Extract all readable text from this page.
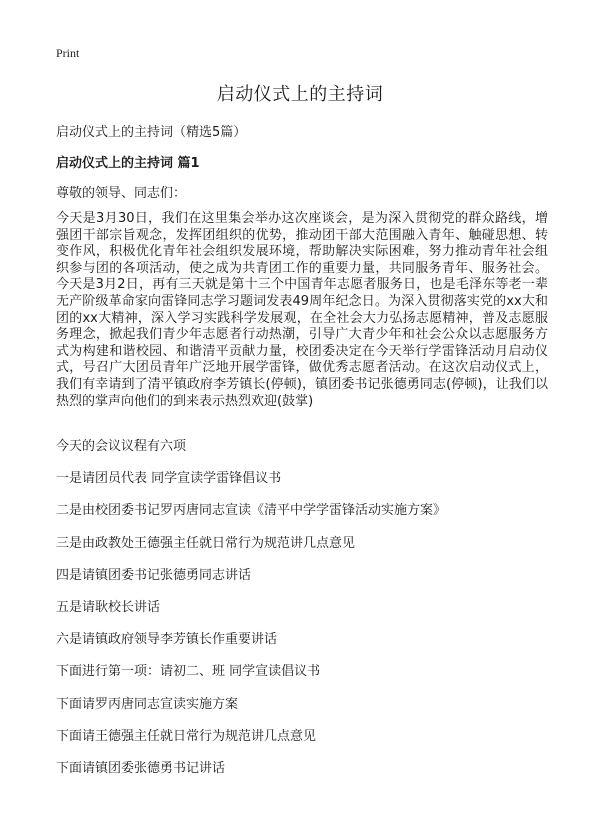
Print
启动仪式上的主持词

启动仪式上的主持词（精选5篇）

启动仪式上的主持词 篇1

尊敬的领导、同志们：

今天是3月30日，我们在这里集会举办这次座谈会，是为深入贯彻党的群众路线，增强团干部宗旨观念，发挥团组织的优势，推动团干部大范围融入青年、触碰思想、转变作风，积极优化青年社会组织发展环境，帮助解决实际困难，努力推动青年社会组织参与团的各项活动，使之成为共青团工作的重要力量，共同服务青年、服务社会。今天是3月2日，再有三天就是第十三个中国青年志愿者服务日，也是毛泽东等老一辈无产阶级革命家向雷锋同志学习题词发表49周年纪念日。为深入贯彻落实党的xx大和团的xx大精神，深入学习实践科学发展观，在全社会大力弘扬志愿精神，普及志愿服务理念，掀起我们青少年志愿者行动热潮，引导广大青少年和社会公众以志愿服务方式为构建和谐校园、和谐清平贡献力量，校团委决定在今天举行学雷锋活动月启动仪式，号召广大团员青年广泛地开展学雷锋，做优秀志愿者活动。在这次启动仪式上，我们有幸请到了清平镇政府李芳镇长(停顿)，镇团委书记张德勇同志(停顿)，让我们以热烈的掌声向他们的到来表示热烈欢迎(鼓掌)

今天的会议议程有六项
一是请团员代表 同学宣读学雷锋倡议书
二是由校团委书记罗丙唐同志宣读《清平中学学雷锋活动实施方案》
三是由政教处王德强主任就日常行为规范讲几点意见
四是请镇团委书记张德勇同志讲话
五是请耿校长讲话
六是请镇政府领导李芳镇长作重要讲话
下面进行第一项：请初二、班 同学宣读倡议书
下面请罗丙唐同志宣读实施方案
下面请王德强主任就日常行为规范讲几点意见
下面请镇团委张德勇书记讲话
